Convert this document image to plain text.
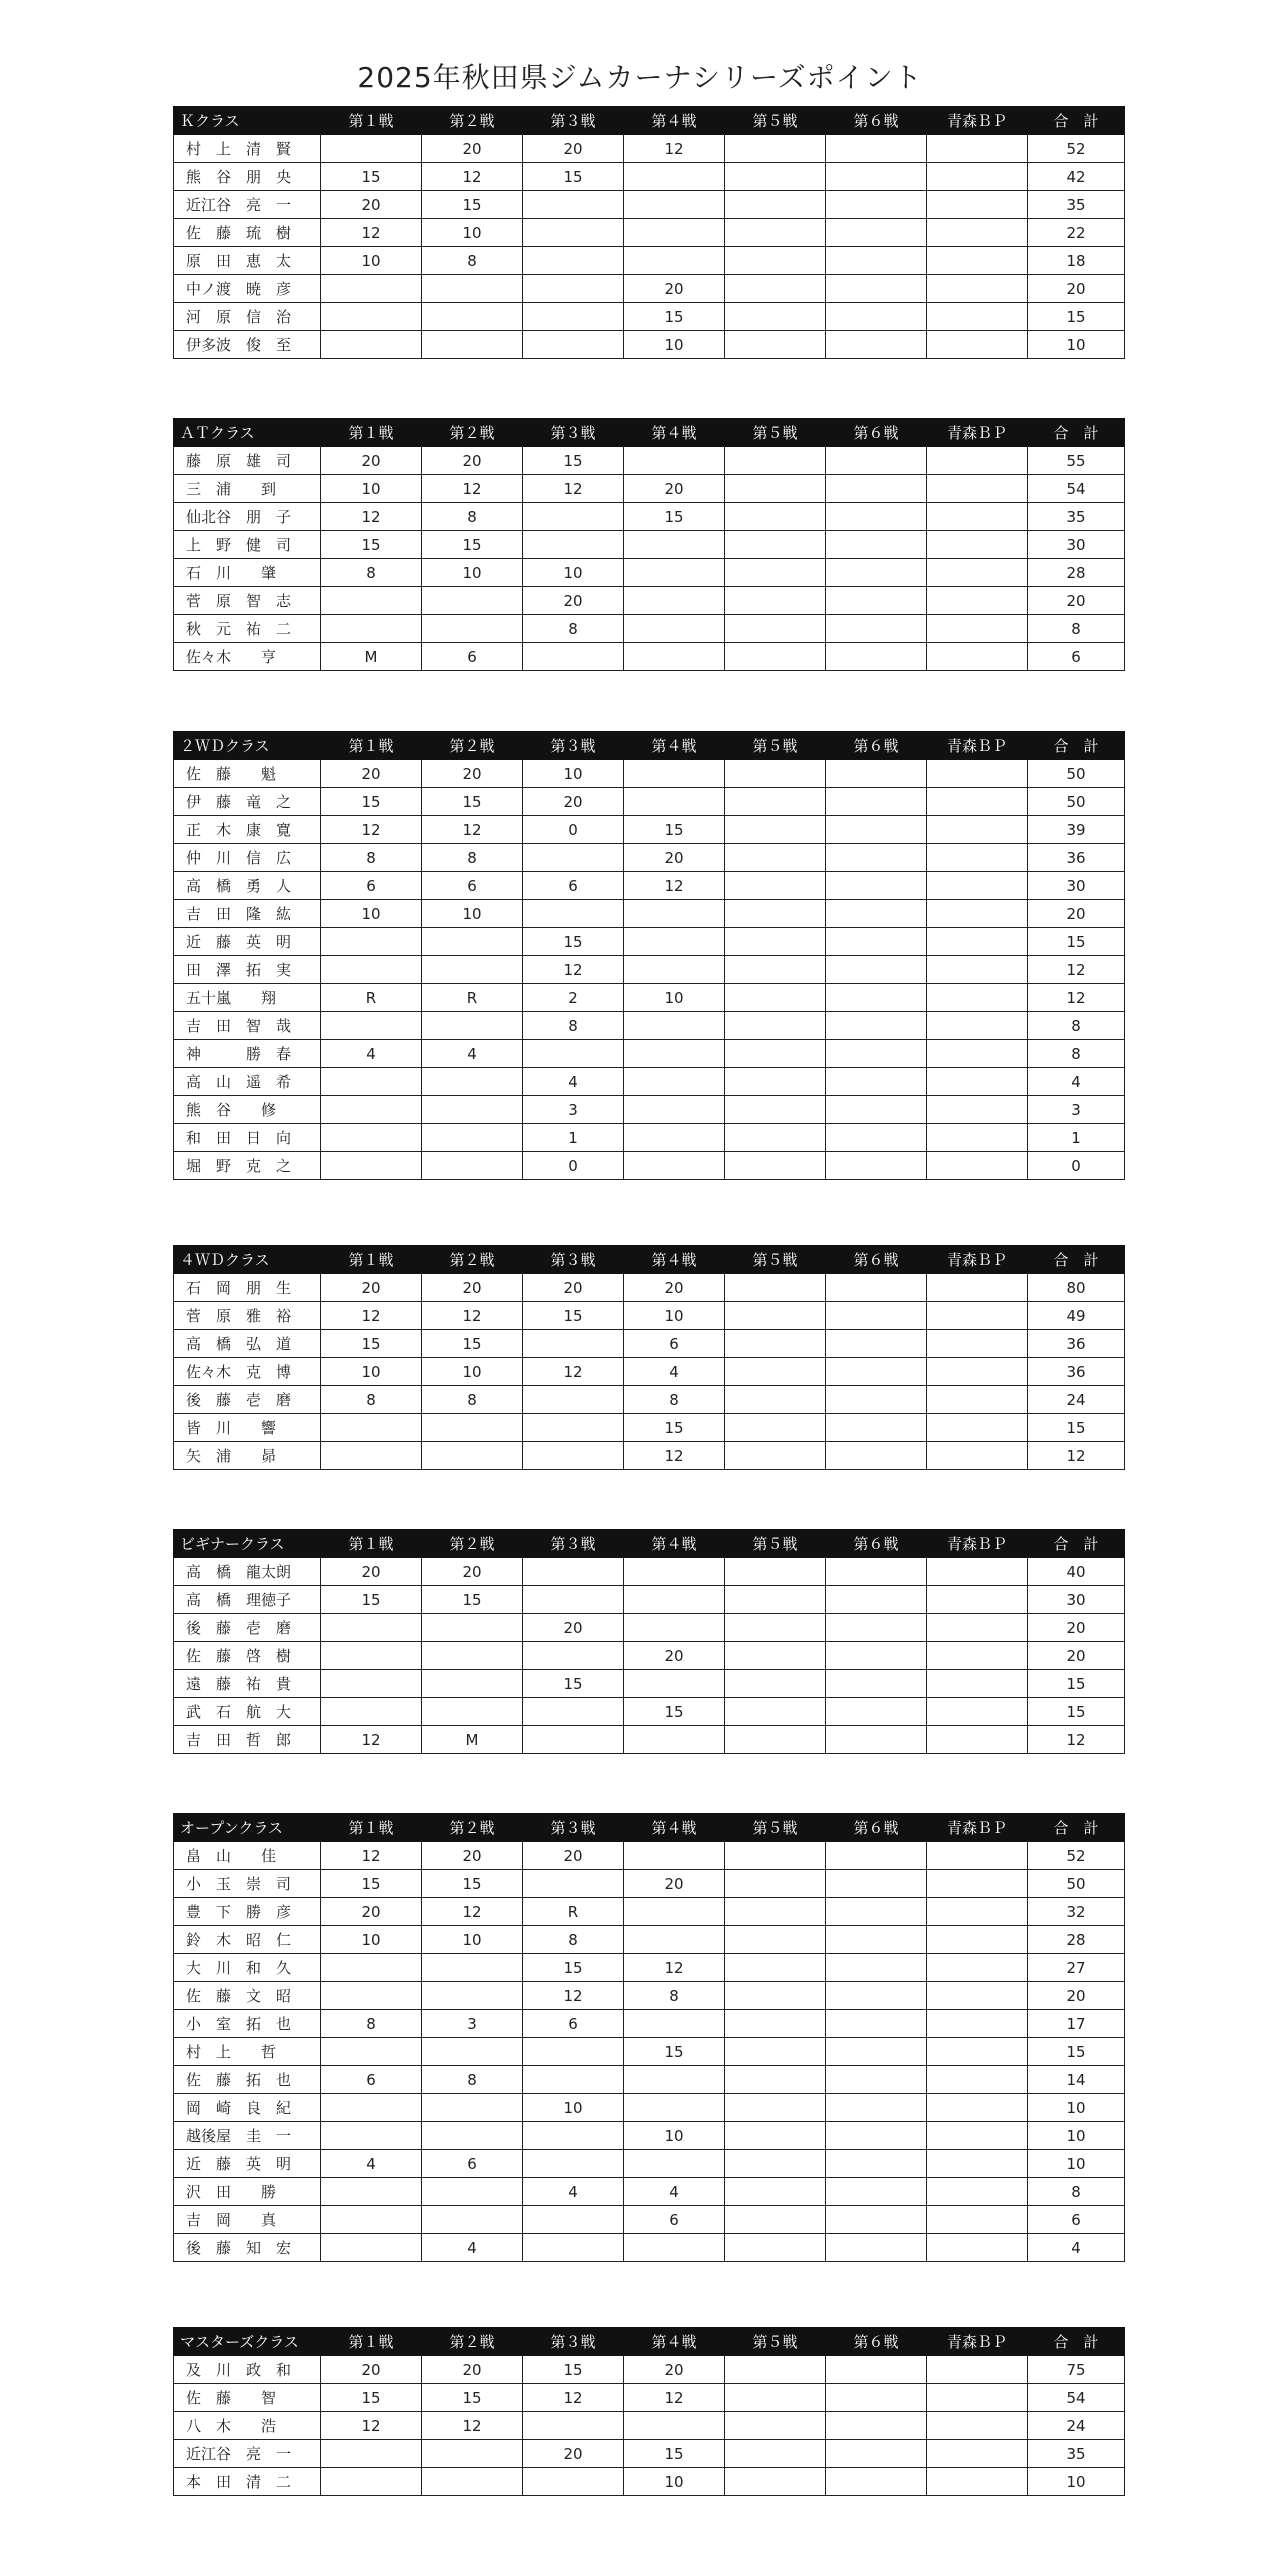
2025年秋田県ジムカーナシリーズポイント
Ｋクラス	第１戦	第２戦	第３戦	第４戦	第５戦	第６戦	青森ＢＰ	合　計
村　上　清　賢		20	20	12				52
熊　谷　朋　央	15	12	15					42
近江谷　亮　一	20	15						35
佐　藤　琉　樹	12	10						22
原　田　恵　太	10	8						18
中ノ渡　暁　彦				20				20
河　原　信　治				15				15
伊多波　俊　至				10				10
ＡＴクラス	第１戦	第２戦	第３戦	第４戦	第５戦	第６戦	青森ＢＰ	合　計
藤　原　雄　司	20	20	15					55
三　浦　　到	10	12	12	20				54
仙北谷　朋　子	12	8		15				35
上　野　健　司	15	15						30
石　川　　肇	8	10	10					28
菅　原　智　志			20					20
秋　元　祐　二			8					8
佐々木　　亨	M	6						6
２ＷＤクラス	第１戦	第２戦	第３戦	第４戦	第５戦	第６戦	青森ＢＰ	合　計
佐　藤　　魁	20	20	10					50
伊　藤　竜　之	15	15	20					50
正　木　康　寛	12	12	0	15				39
仲　川　信　広	8	8		20				36
高　橋　勇　人	6	6	6	12				30
吉　田　隆　紘	10	10						20
近　藤　英　明			15					15
田　澤　拓　実			12					12
五十嵐　　翔	R	R	2	10				12
吉　田　智　哉			8					8
神　　　勝　春	4	4						8
高　山　遥　希			4					4
熊　谷　　修			3					3
和　田　日　向			1					1
堀　野　克　之			0					0
４ＷＤクラス	第１戦	第２戦	第３戦	第４戦	第５戦	第６戦	青森ＢＰ	合　計
石　岡　朋　生	20	20	20	20				80
菅　原　雅　裕	12	12	15	10				49
高　橋　弘　道	15	15		6				36
佐々木　克　博	10	10	12	4				36
後　藤　壱　磨	8	8		8				24
皆　川　　響				15				15
矢　浦　　昴				12				12
ビギナークラス	第１戦	第２戦	第３戦	第４戦	第５戦	第６戦	青森ＢＰ	合　計
高　橋　龍太朗	20	20						40
高　橋　理徳子	15	15						30
後　藤　壱　磨			20					20
佐　藤　啓　樹				20				20
遠　藤　祐　貴			15					15
武　石　航　大				15				15
吉　田　哲　郎	12	M						12
オープンクラス	第１戦	第２戦	第３戦	第４戦	第５戦	第６戦	青森ＢＰ	合　計
畠　山　　佳	12	20	20					52
小　玉　崇　司	15	15		20				50
豊　下　勝　彦	20	12	R					32
鈴　木　昭　仁	10	10	8					28
大　川　和　久			15	12				27
佐　藤　文　昭			12	8				20
小　室　拓　也	8	3	6					17
村　上　　哲				15				15
佐　藤　拓　也	6	8						14
岡　崎　良　紀			10					10
越後屋　圭　一				10				10
近　藤　英　明	4	6						10
沢　田　　勝			4	4				8
吉　岡　　真				6				6
後　藤　知　宏		4						4
マスターズクラス	第１戦	第２戦	第３戦	第４戦	第５戦	第６戦	青森ＢＰ	合　計
及　川　政　和	20	20	15	20				75
佐　藤　　智	15	15	12	12				54
八　木　　浩	12	12						24
近江谷　亮　一			20	15				35
本　田　清　二				10				10
